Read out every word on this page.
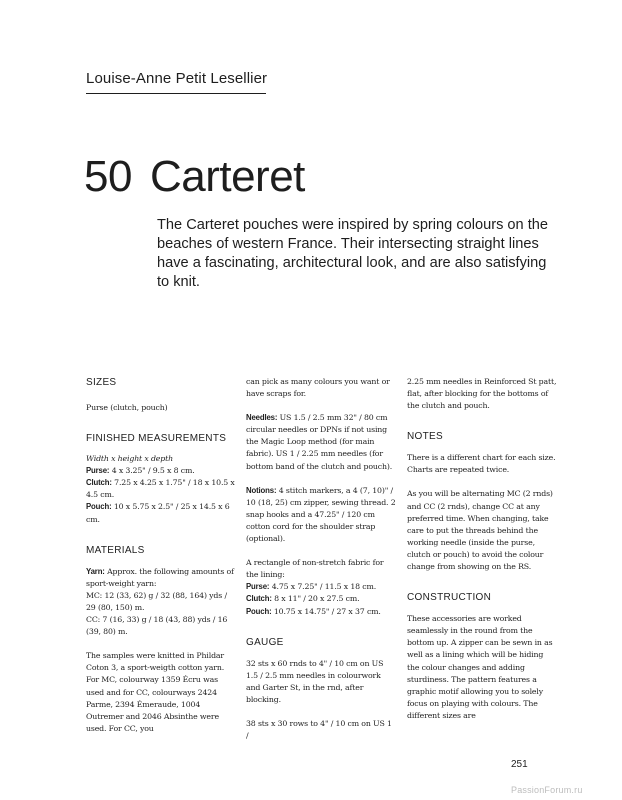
Louise-Anne Petit Lesellier
50 Carteret
The Carteret pouches were inspired by spring colours on the beaches of western France. Their intersecting straight lines have a fascinating, architectural look, and are also satisfying to knit.
SIZES
Purse (clutch, pouch)
FINISHED MEASUREMENTS
Width x height x depth
Purse: 4 x 3.25" / 9.5 x 8 cm.
Clutch: 7.25 x 4.25 x 1.75" / 18 x 10.5 x 4.5 cm.
Pouch: 10 x 5.75 x 2.5" / 25 x 14.5 x 6 cm.
MATERIALS
Yarn: Approx. the following amounts of sport-weight yarn:
MC: 12 (33, 62) g / 32 (88, 164) yds / 29 (80, 150) m.
CC: 7 (16, 33) g / 18 (43, 88) yds / 16 (39, 80) m.
The samples were knitted in Phildar Coton 3, a sport-weigth cotton yarn. For MC, colourway 1359 Écru was used and for CC, colourways 2424 Parme, 2394 Émeraude, 1004 Outremer and 2046 Absinthe were used. For CC, you
can pick as many colours you want or have scraps for.
Needles: US 1.5 / 2.5 mm 32" / 80 cm circular needles or DPNs if not using the Magic Loop method (for main fabric). US 1 / 2.25 mm needles (for bottom band of the clutch and pouch).
Notions: 4 stitch markers, a 4 (7, 10)" / 10 (18, 25) cm zipper, sewing thread. 2 snap hooks and a 47.25" / 120 cm cotton cord for the shoulder strap (optional).
A rectangle of non-stretch fabric for the lining:
Purse: 4.75 x 7.25" / 11.5 x 18 cm.
Clutch: 8 x 11" / 20 x 27.5 cm.
Pouch: 10.75 x 14.75" / 27 x 37 cm.
GAUGE
32 sts x 60 rnds to 4" / 10 cm on US 1.5 / 2.5 mm needles in colourwork and Garter St, in the rnd, after blocking.
38 sts x 30 rows to 4" / 10 cm on US 1 /
2.25 mm needles in Reinforced St patt, flat, after blocking for the bottoms of the clutch and pouch.
NOTES
There is a different chart for each size. Charts are repeated twice.
As you will be alternating MC (2 rnds) and CC (2 rnds), change CC at any preferred time. When changing, take care to put the threads behind the working needle (inside the purse, clutch or pouch) to avoid the colour change from showing on the RS.
CONSTRUCTION
These accessories are worked seamlessly in the round from the bottom up. A zipper can be sewn in as well as a lining which will be hiding the colour changes and adding sturdiness. The pattern features a graphic motif allowing you to solely focus on playing with colours. The different sizes are
251
PassionForum.ru
